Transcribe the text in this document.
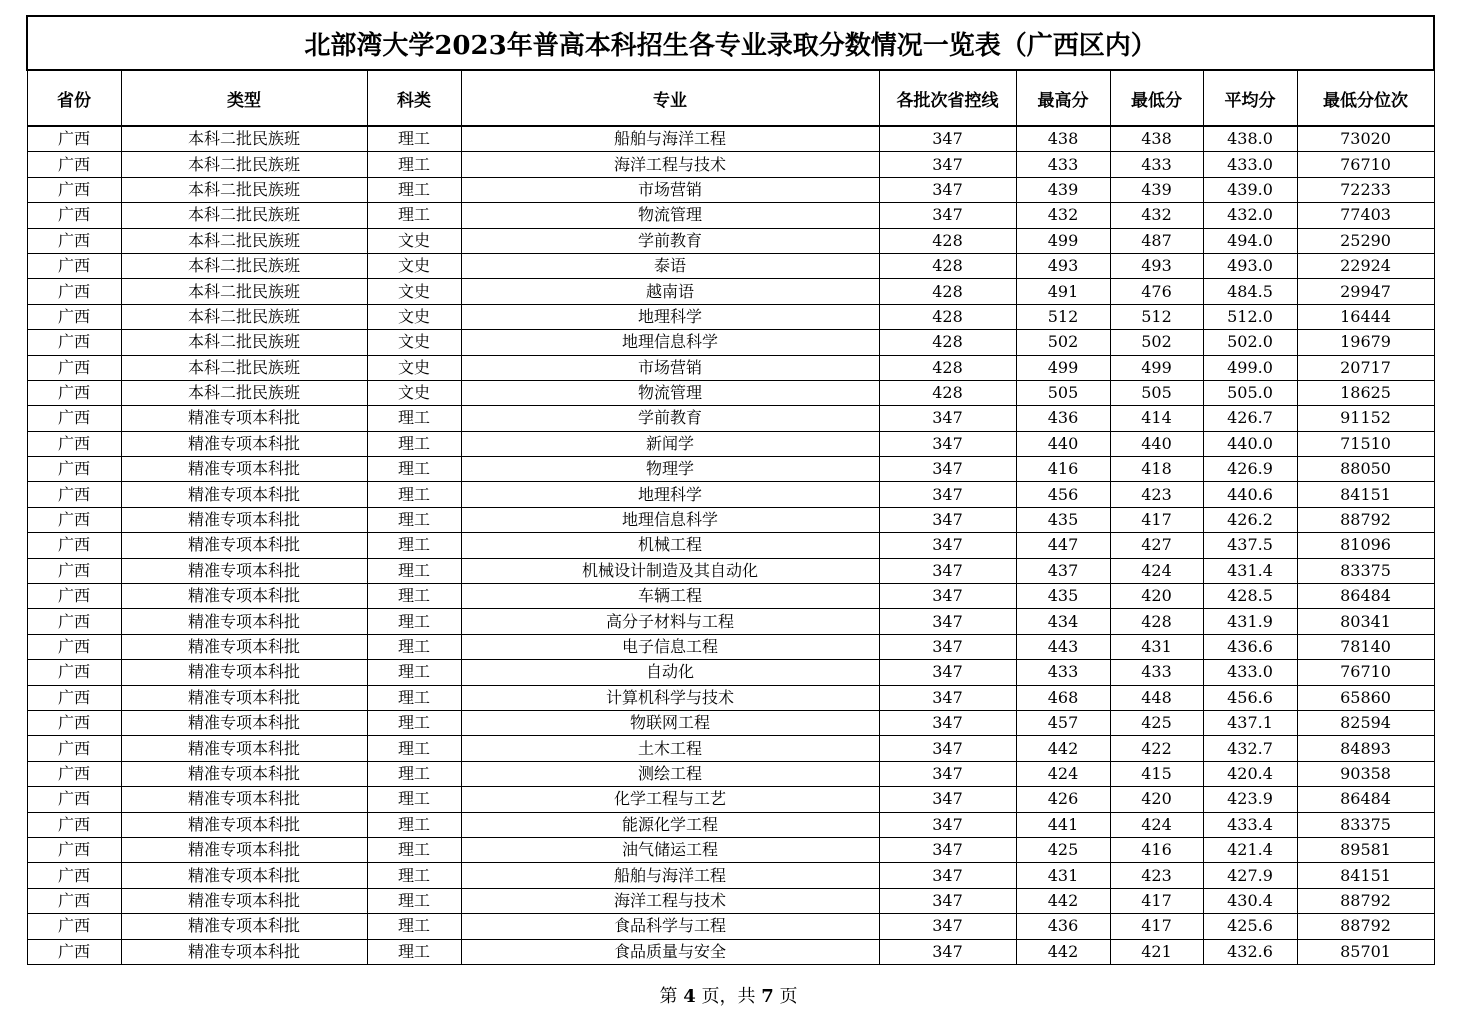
北部湾大学2023年普高本科招生各专业录取分数情况一览表（广西区内）								
省份	类型	科类	专业	各批次省控线	最高分	最低分	平均分	最低分位次
广西	本科二批民族班	理工	船舶与海洋工程	347	438	438	438.0	73020
广西	本科二批民族班	理工	海洋工程与技术	347	433	433	433.0	76710
广西	本科二批民族班	理工	市场营销	347	439	439	439.0	72233
广西	本科二批民族班	理工	物流管理	347	432	432	432.0	77403
广西	本科二批民族班	文史	学前教育	428	499	487	494.0	25290
广西	本科二批民族班	文史	泰语	428	493	493	493.0	22924
广西	本科二批民族班	文史	越南语	428	491	476	484.5	29947
广西	本科二批民族班	文史	地理科学	428	512	512	512.0	16444
广西	本科二批民族班	文史	地理信息科学	428	502	502	502.0	19679
广西	本科二批民族班	文史	市场营销	428	499	499	499.0	20717
广西	本科二批民族班	文史	物流管理	428	505	505	505.0	18625
广西	精准专项本科批	理工	学前教育	347	436	414	426.7	91152
广西	精准专项本科批	理工	新闻学	347	440	440	440.0	71510
广西	精准专项本科批	理工	物理学	347	416	418	426.9	88050
广西	精准专项本科批	理工	地理科学	347	456	423	440.6	84151
广西	精准专项本科批	理工	地理信息科学	347	435	417	426.2	88792
广西	精准专项本科批	理工	机械工程	347	447	427	437.5	81096
广西	精准专项本科批	理工	机械设计制造及其自动化	347	437	424	431.4	83375
广西	精准专项本科批	理工	车辆工程	347	435	420	428.5	86484
广西	精准专项本科批	理工	高分子材料与工程	347	434	428	431.9	80341
广西	精准专项本科批	理工	电子信息工程	347	443	431	436.6	78140
广西	精准专项本科批	理工	自动化	347	433	433	433.0	76710
广西	精准专项本科批	理工	计算机科学与技术	347	468	448	456.6	65860
广西	精准专项本科批	理工	物联网工程	347	457	425	437.1	82594
广西	精准专项本科批	理工	土木工程	347	442	422	432.7	84893
广西	精准专项本科批	理工	测绘工程	347	424	415	420.4	90358
广西	精准专项本科批	理工	化学工程与工艺	347	426	420	423.9	86484
广西	精准专项本科批	理工	能源化学工程	347	441	424	433.4	83375
广西	精准专项本科批	理工	油气储运工程	347	425	416	421.4	89581
广西	精准专项本科批	理工	船舶与海洋工程	347	431	423	427.9	84151
广西	精准专项本科批	理工	海洋工程与技术	347	442	417	430.4	88792
广西	精准专项本科批	理工	食品科学与工程	347	436	417	425.6	88792
广西	精准专项本科批	理工	食品质量与安全	347	442	421	432.6	85701
第 4 页，共 7 页
